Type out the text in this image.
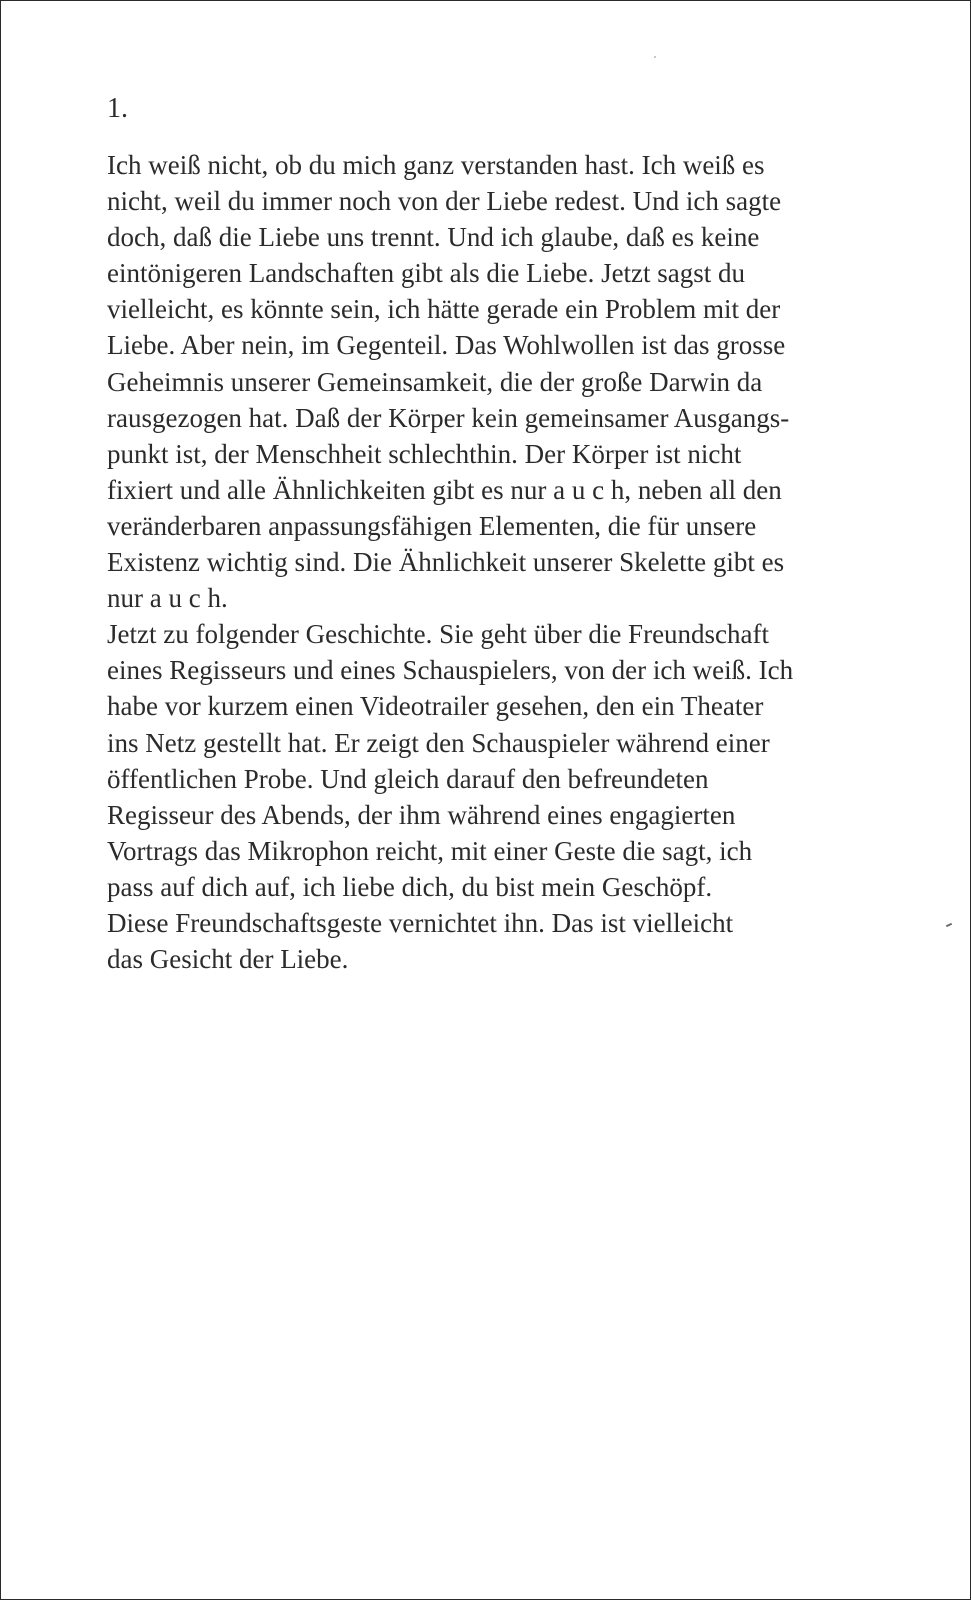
1.
Ich weiß nicht, ob du mich ganz verstanden hast. Ich weiß es
nicht, weil du immer noch von der Liebe redest. Und ich sagte
doch, daß die Liebe uns trennt. Und ich glaube, daß es keine
eintönigeren Landschaften gibt als die Liebe. Jetzt sagst du
vielleicht, es könnte sein, ich hätte gerade ein Problem mit der
Liebe. Aber nein, im Gegenteil. Das Wohlwollen ist das grosse
Geheimnis unserer Gemeinsamkeit, die der große Darwin da
rausgezogen hat. Daß der Körper kein gemeinsamer Ausgangs-
punkt ist, der Menschheit schlechthin. Der Körper ist nicht
fixiert und alle Ähnlichkeiten gibt es nur a u c h, neben all den
veränderbaren anpassungsfähigen Elementen, die für unsere
Existenz wichtig sind. Die Ähnlichkeit unserer Skelette gibt es
nur a u c h.
Jetzt zu folgender Geschichte. Sie geht über die Freundschaft
eines Regisseurs und eines Schauspielers, von der ich weiß. Ich
habe vor kurzem einen Videotrailer gesehen, den ein Theater
ins Netz gestellt hat. Er zeigt den Schauspieler während einer
öffentlichen Probe. Und gleich darauf den befreundeten
Regisseur des Abends, der ihm während eines engagierten
Vortrags das Mikrophon reicht, mit einer Geste die sagt, ich
pass auf dich auf, ich liebe dich, du bist mein Geschöpf.
Diese Freundschaftsgeste vernichtet ihn. Das ist vielleicht
das Gesicht der Liebe.
